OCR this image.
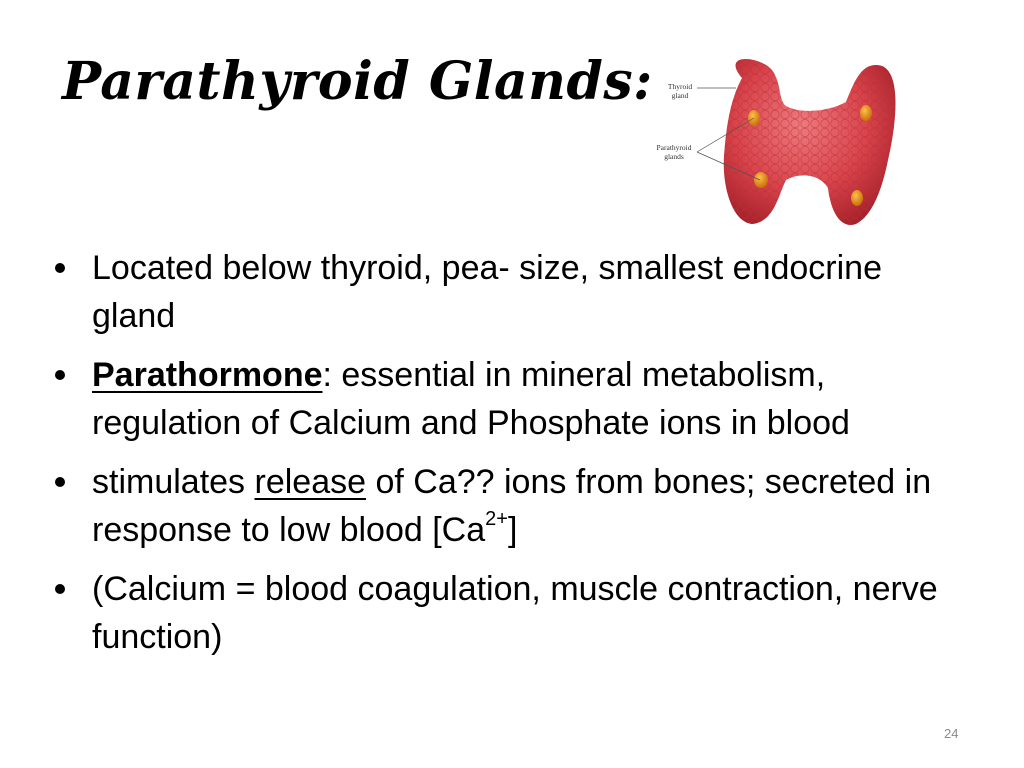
Parathyroid Glands: Thyroid
gland
Parathyroid
glands
Located below thyroid, pea- size, smallest endocrine gland
Parathormone: essential in mineral metabolism, regulation of Calcium and Phosphate ions in blood
stimulates release of Ca?? ions from bones; secreted in response to low blood $[Ca^{2+}]$
(Calcium = blood coagulation, muscle contraction, nerve function)
24
